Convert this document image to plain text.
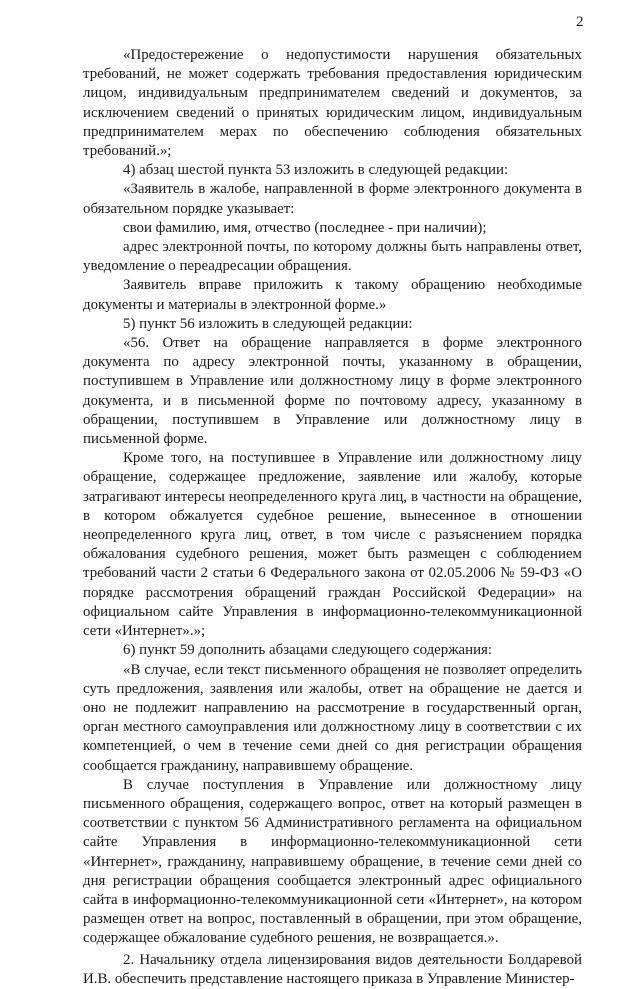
2

«Предостережение о недопустимости нарушения обязательных требований, не может содержать требования предоставления юридическим лицом, индивидуальным предпринимателем сведений и документов, за исключением сведений о принятых юридическим лицом, индивидуальным предпринимателем мерах по обеспечению соблюдения обязательных требований.»;

4) абзац шестой пункта 53 изложить в следующей редакции:

«Заявитель в жалобе, направленной в форме электронного документа в обязательном порядке указывает:

свои фамилию, имя, отчество (последнее - при наличии);

адрес электронной почты, по которому должны быть направлены ответ, уведомление о переадресации обращения.

Заявитель вправе приложить к такому обращению необходимые документы и материалы в электронной форме.»

5) пункт 56 изложить в следующей редакции:

«56. Ответ на обращение направляется в форме электронного документа по адресу электронной почты, указанному в обращении, поступившем в Управление или должностному лицу в форме электронного документа, и в письменной форме по почтовому адресу, указанному в обращении, поступившем в Управление или должностному лицу в письменной форме.

Кроме того, на поступившее в Управление или должностному лицу обращение, содержащее предложение, заявление или жалобу, которые затрагивают интересы неопределенного круга лиц, в частности на обращение, в котором обжалуется судебное решение, вынесенное в отношении неопределенного круга лиц, ответ, в том числе с разъяснением порядка обжалования судебного решения, может быть размещен с соблюдением требований части 2 статьи 6 Федерального закона от 02.05.2006 № 59-ФЗ «О порядке рассмотрения обращений граждан Российской Федерации» на официальном сайте Управления в информационно-телекоммуникационной сети «Интернет».»;

6) пункт 59 дополнить абзацами следующего содержания:

«В случае, если текст письменного обращения не позволяет определить суть предложения, заявления или жалобы, ответ на обращение не дается и оно не подлежит направлению на рассмотрение в государственный орган, орган местного самоуправления или должностному лицу в соответствии с их компетенцией, о чем в течение семи дней со дня регистрации обращения сообщается гражданину, направившему обращение.

В случае поступления в Управление или должностному лицу письменного обращения, содержащего вопрос, ответ на который размещен в соответствии с пунктом 56 Административного регламента на официальном сайте Управления в информационно-телекоммуникационной сети «Интернет», гражданину, направившему обращение, в течение семи дней со дня регистрации обращения сообщается электронный адрес официального сайта в информационно-телекоммуникационной сети «Интернет», на котором размещен ответ на вопрос, поставленный в обращении, при этом обращение, содержащее обжалование судебного решения, не возвращается.».

2. Начальнику отдела лицензирования видов деятельности Болдаревой И.В. обеспечить представление настоящего приказа в Управление Министер-
